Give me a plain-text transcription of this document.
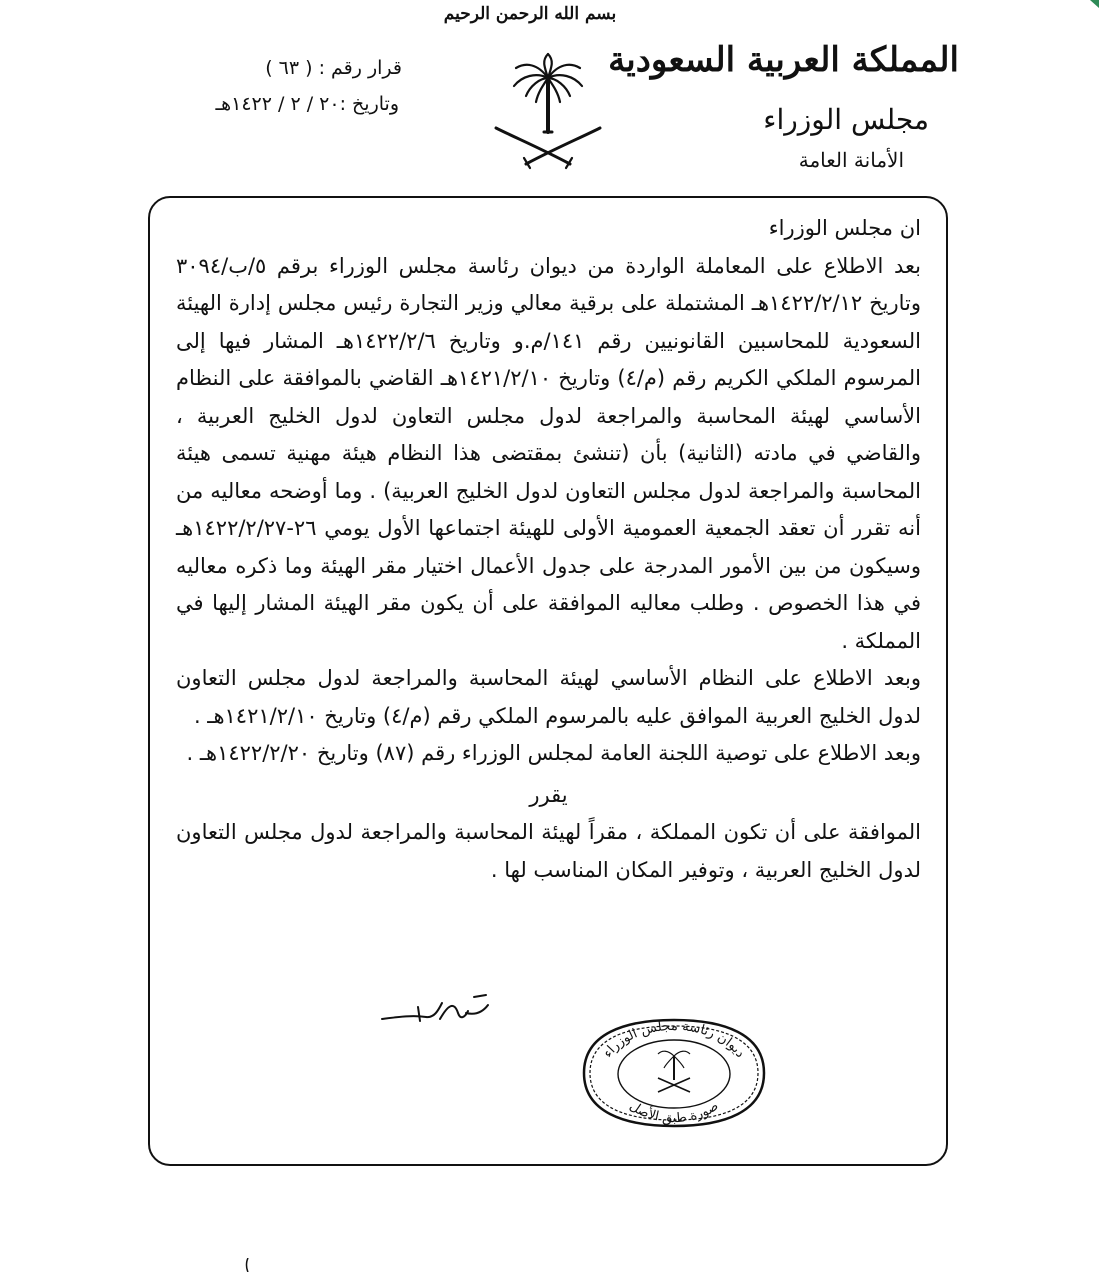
بسم الله الرحمن الرحيم
المملكة العربية السعودية
مجلس الوزراء
الأمانة العامة
قرار رقم : ( ٦٣ )
وتاريخ :٢٠ / ٢ / ١٤٢٢هـ

ان مجلس الوزراء

بعد الاطلاع على المعاملة الواردة من ديوان رئاسة مجلس الوزراء برقم ٥/ب/٣٠٩٤ وتاريخ ١٤٢٢/٢/١٢هـ المشتملة على برقية معالي وزير التجارة رئيس مجلس إدارة الهيئة السعودية للمحاسبين القانونيين رقم ١٤١/م.و وتاريخ ١٤٢٢/٢/٦هـ المشار فيها إلى المرسوم الملكي الكريم رقم (م/٤) وتاريخ ١٤٢١/٢/١٠هـ القاضي بالموافقة على النظام الأساسي لهيئة المحاسبة والمراجعة لدول مجلس التعاون لدول الخليج العربية ، والقاضي في مادته (الثانية) بأن (تنشئ بمقتضى هذا النظام هيئة مهنية تسمى هيئة المحاسبة والمراجعة لدول مجلس التعاون لدول الخليج العربية) . وما أوضحه معاليه من أنه تقرر أن تعقد الجمعية العمومية الأولى للهيئة اجتماعها الأول يومي ٢٦-١٤٢٢/٢/٢٧هـ وسيكون من بين الأمور المدرجة على جدول الأعمال اختيار مقر الهيئة وما ذكره معاليه في هذا الخصوص . وطلب معاليه الموافقة على أن يكون مقر الهيئة المشار إليها في المملكة .

وبعد الاطلاع على النظام الأساسي لهيئة المحاسبة والمراجعة لدول مجلس التعاون لدول الخليج العربية الموافق عليه بالمرسوم الملكي رقم (م/٤) وتاريخ ١٤٢١/٢/١٠هـ .

وبعد الاطلاع على توصية اللجنة العامة لمجلس الوزراء رقم (٨٧) وتاريخ ١٤٢٢/٢/٢٠هـ .

يقرر

الموافقة على أن تكون المملكة ، مقراً لهيئة المحاسبة والمراجعة لدول مجلس التعاون لدول الخليج العربية ، وتوفير المكان المناسب لها .

ديوان رئاسة مجلس الوزراء
صورة طبق الأصل
